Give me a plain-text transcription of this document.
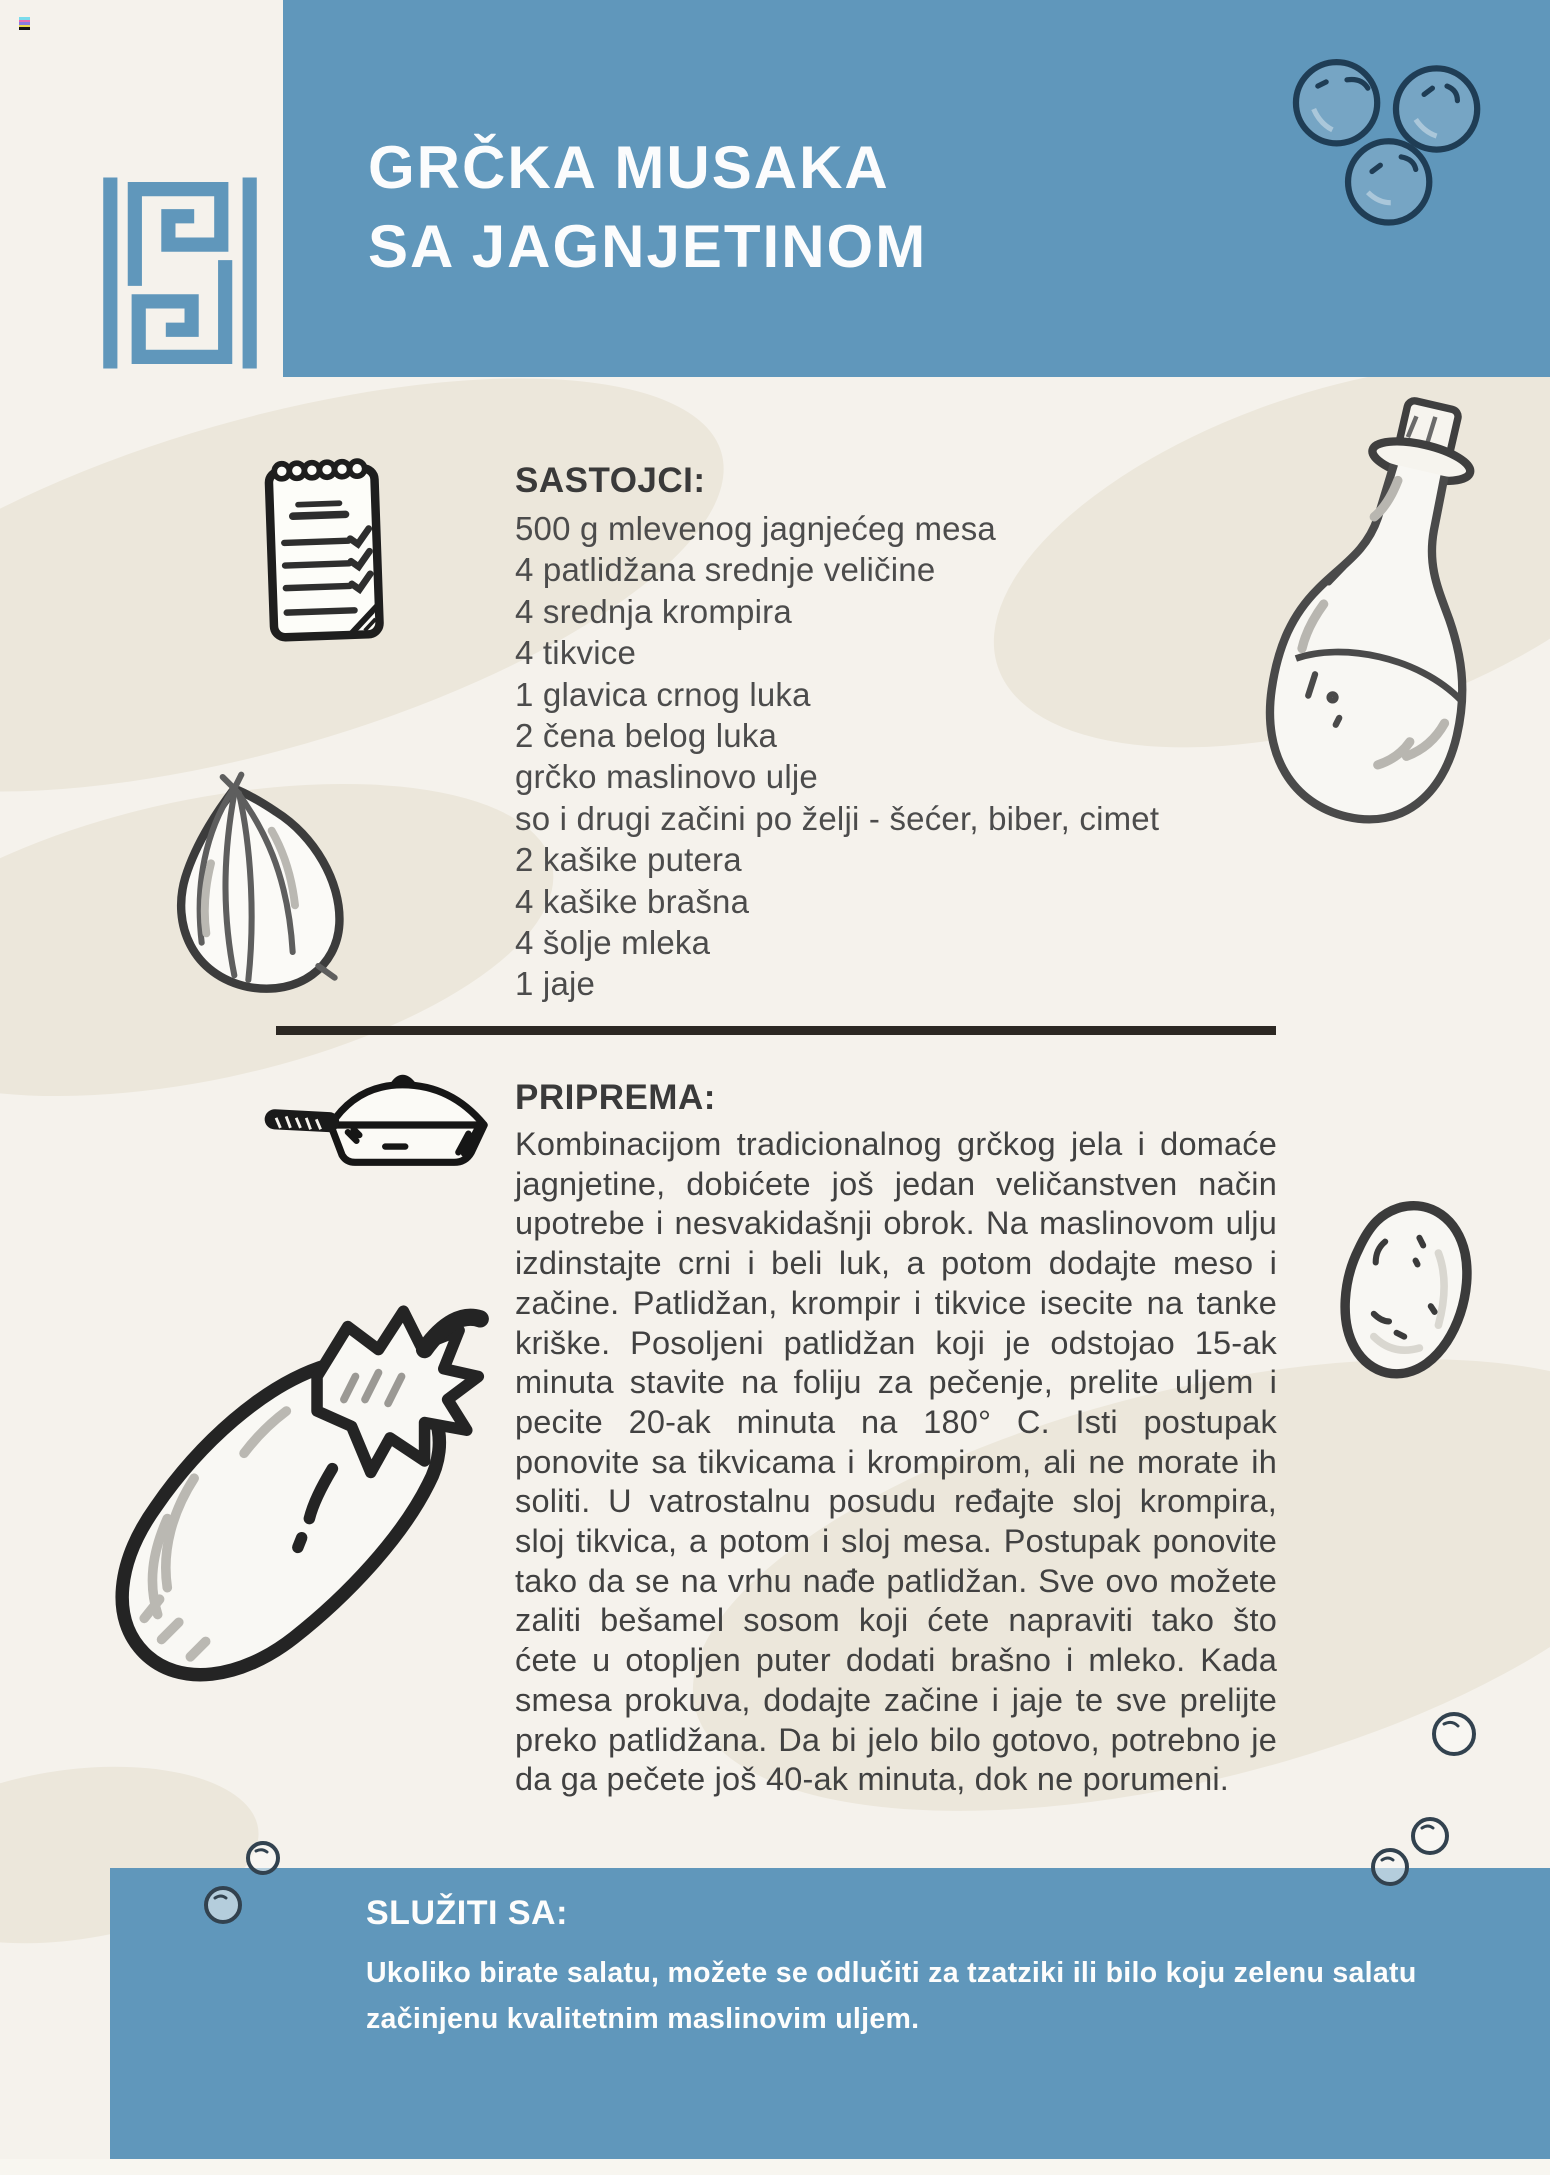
GRČKA MUSAKA
SA JAGNJETINOM
SASTOJCI:
500 g mlevenog jagnjećeg mesa
4 patlidžana srednje veličine
4 srednja krompira
4 tikvice
1 glavica crnog luka
2 čena belog luka
grčko maslinovo ulje
so i drugi začini po želji - šećer, biber, cimet
2 kašike putera
4 kašike brašna
4 šolje mleka
1 jaje
PRIPREMA:
Kombinacijom tradicionalnog grčkog jela i domaće jagnjetine, dobićete još jedan veličanstven način upotrebe i nesvakidašnji obrok. Na maslinovom ulju izdinstajte crni i beli luk, a potom dodajte meso i začine. Patlidžan, krompir i tikvice isecite na tanke kriške. Posoljeni patlidžan koji je odstojao 15-ak minuta stavite na foliju za pečenje, prelite uljem i pecite 20-ak minuta na 180° C. Isti postupak ponovite sa tikvicama i krompirom, ali ne morate ih soliti. U vatrostalnu posudu ređajte sloj krompira, sloj tikvica, a potom i sloj mesa. Postupak ponovite tako da se na vrhu nađe patlidžan. Sve ovo možete zaliti bešamel sosom koji ćete napraviti tako što ćete u otopljen puter dodati brašno i mleko. Kada smesa prokuva, dodajte začine i jaje te sve prelijte preko patlidžana. Da bi jelo bilo gotovo, potrebno je da ga pečete još 40-ak minuta, dok ne porumeni.
SLUŽITI SA:
Ukoliko birate salatu, možete se odlučiti za tzatziki ili bilo koju zelenu salatu začinjenu kvalitetnim maslinovim uljem.
